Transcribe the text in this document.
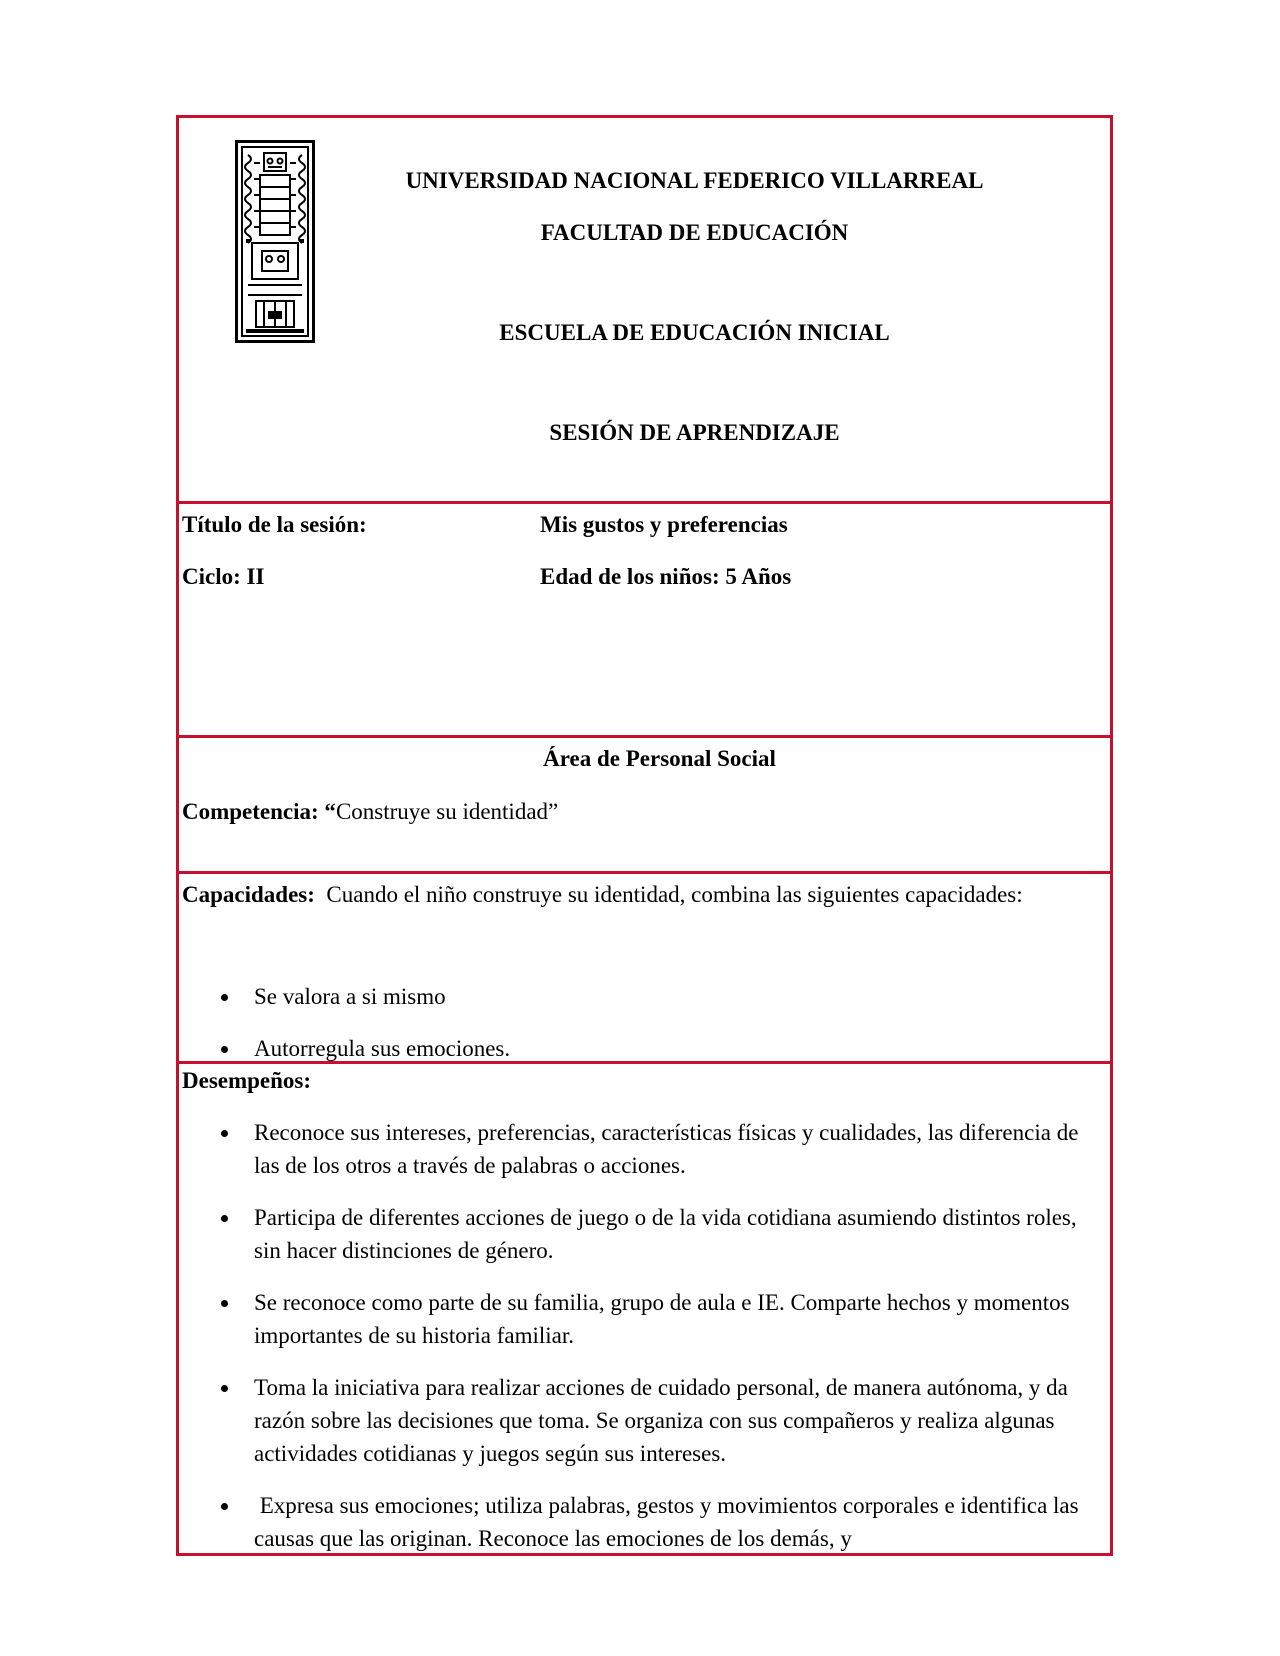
UNIVERSIDAD NACIONAL FEDERICO VILLARREAL
FACULTAD DE EDUCACIÓN
ESCUELA DE EDUCACIÓN INICIAL
SESIÓN DE APRENDIZAJE
Título de la sesión:	Mis gustos y preferencias
Ciclo: II	Edad de los niños: 5 Años
Área de Personal Social
Competencia: “Construye su identidad”
Capacidades: Cuando el niño construye su identidad, combina las siguientes capacidades:
Se valora a si mismo
Autorregula sus emociones.
Desempeños:
Reconoce sus intereses, preferencias, características físicas y cualidades, las diferencia de las de los otros a través de palabras o acciones.
Participa de diferentes acciones de juego o de la vida cotidiana asumiendo distintos roles, sin hacer distinciones de género.
Se reconoce como parte de su familia, grupo de aula e IE. Comparte hechos y momentos importantes de su historia familiar.
Toma la iniciativa para realizar acciones de cuidado personal, de manera autónoma, y da razón sobre las decisiones que toma. Se organiza con sus compañeros y realiza algunas actividades cotidianas y juegos según sus intereses.
Expresa sus emociones; utiliza palabras, gestos y movimientos corporales e identifica las causas que las originan. Reconoce las emociones de los demás, y
